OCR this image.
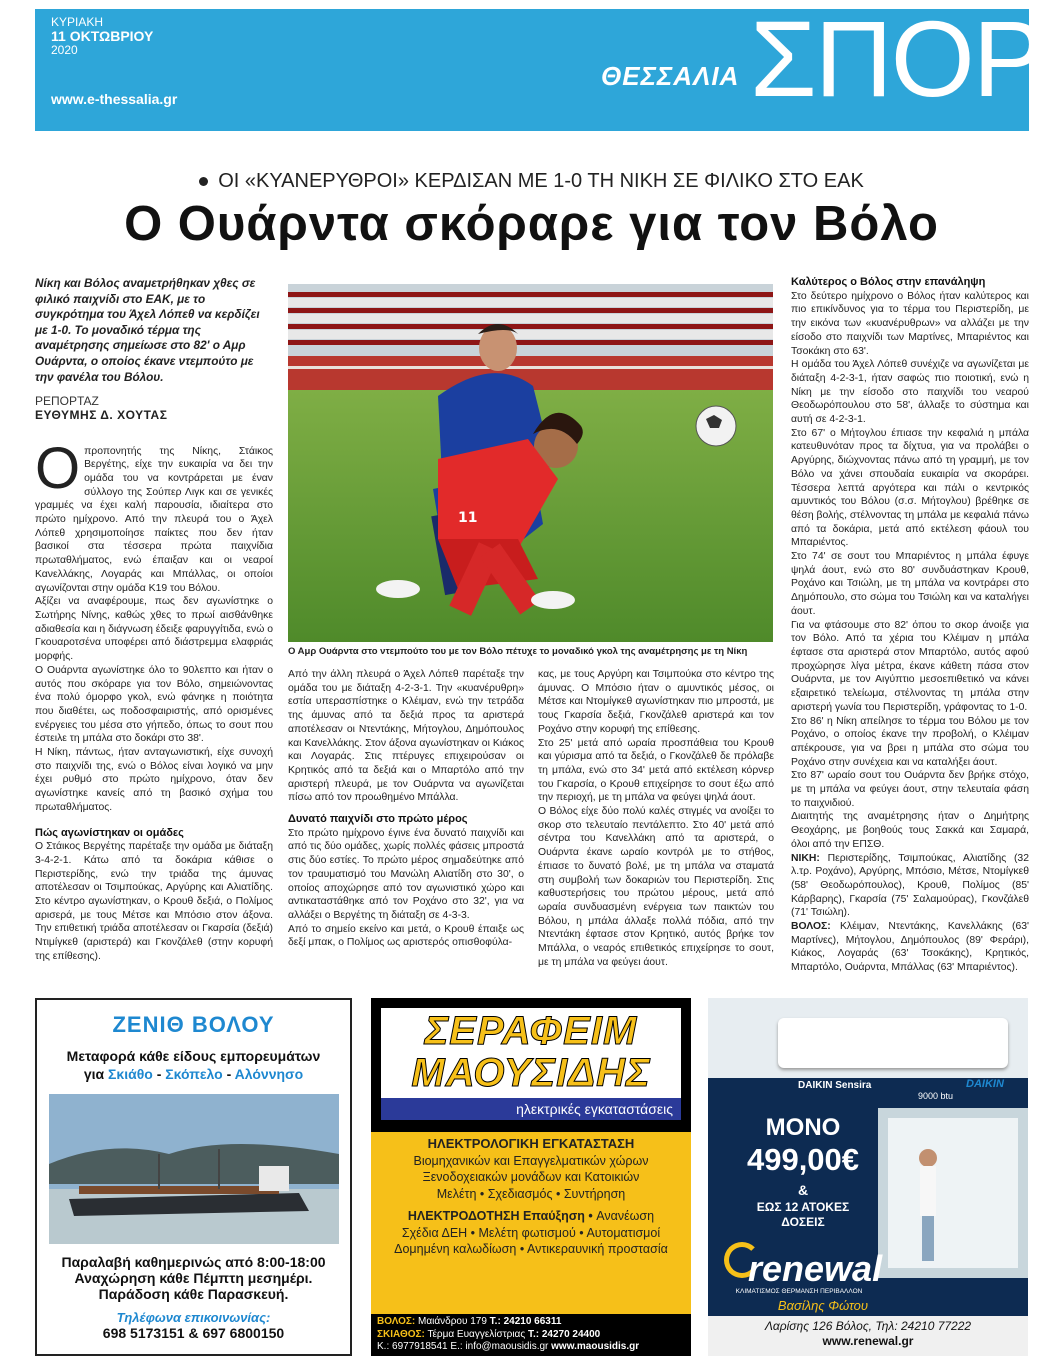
ΚΥΡΙΑΚΗ
11 ΟΚΤΩΒΡΙΟΥ
2020
www.e-thessalia.gr
ΘΕΣΣΑΛΙΑ ΣΠΟΡ
ΟΙ «ΚΥΑΝΕΡΥΘΡΟΙ» ΚΕΡΔΙΣΑΝ ΜΕ 1-0 ΤΗ ΝΙΚΗ ΣΕ ΦΙΛΙΚΟ ΣΤΟ ΕΑΚ
Ο Ουάρντα σκόραρε για τον Βόλο

Νίκη και Βόλος αναμετρήθηκαν χθες σε φιλικό παιχνίδι στο ΕΑΚ, με το συγκρότημα του Άχελ Λόπεθ να κερδίζει με 1-0. Το μοναδικό τέρμα της αναμέτρησης σημείωσε στο 82' ο Αμρ Ουάρντα, ο οποίος έκανε ντεμπούτο με την φανέλα του Βόλου.

ΡΕΠΟΡΤΑΖ
ΕΥΘΥΜΗΣ Δ. ΧΟΥΤΑΣ

Οπροπονητής της Νίκης, Στάικος Βεργέτης, είχε την ευκαιρία να δει την ομάδα του να κοντράρεται με έναν σύλλογο της Σούπερ Λιγκ και σε γενικές γραμμές να έχει καλή παρουσία, ιδιαίτερα στο πρώτο ημίχρονο. Από την πλευρά του ο Άχελ Λόπεθ χρησιμοποίησε παίκτες που δεν ήταν βασικοί στα τέσσερα πρώτα παιχνίδια πρωταθλήματος, ενώ έπαιξαν και οι νεαροί Κανελλάκης, Λογαράς και Μπάλλας, οι οποίοι αγωνίζονται στην ομάδα Κ19 του Βόλου.

Αξίζει να αναφέρουμε, πως δεν αγωνίστηκε ο Σωτήρης Νίνης, καθώς χθες το πρωί αισθάνθηκε αδιαθεσία και η διάγνωση έδειξε φαρυγγίτιδα, ενώ ο Γκουαροτσένα υποφέρει από διάστρεμμα ελαφριάς μορφής.

Ο Ουάρντα αγωνίστηκε όλο το 90λεπτο και ήταν ο αυτός που σκόραρε για τον Βόλο, σημειώνοντας ένα πολύ όμορφο γκολ, ενώ φάνηκε η ποιότητα που διαθέτει, ως ποδοσφαιριστής, από ορισμένες ενέργειες του μέσα στο γήπεδο, όπως το σουτ που έστειλε τη μπάλα στο δοκάρι στο 38'.

Η Νίκη, πάντως, ήταν ανταγωνιστική, είχε συνοχή στο παιχνίδι της, ενώ ο Βόλος είναι λογικό να μην έχει ρυθμό στο πρώτο ημίχρονο, όταν δεν αγωνίστηκε κανείς από τη βασικό σχήμα του πρωταθλήματος.

Πώς αγωνίστηκαν οι ομάδες

Ο Στάικος Βεργέτης παρέταξε την ομάδα με διάταξη 3-4-2-1. Κάτω από τα δοκάρια κάθισε ο Περιστερίδης, ενώ την τριάδα της άμυνας αποτέλεσαν οι Τσιμπούκας, Αργύρης και Αλιατίδης. Στο κέντρο αγωνίστηκαν, ο Κρουθ δεξιά, ο Πολίμος αρισερά, με τους Μέτσε και Μπόσιο στον άξονα. Την επιθετική τριάδα αποτέλεσαν οι Γκαρσία (δεξιά) Ντιμίγκεθ (αριστερά) και Γκονζάλεθ (στην κορυφή της επίθεσης).

11
Ο Αμρ Ουάρντα στο ντεμπούτο του με τον Βόλο πέτυχε το μοναδικό γκολ της αναμέτρησης με τη Νίκη

Από την άλλη πλευρά ο Άχελ Λόπεθ παρέταξε την ομάδα του με διάταξη 4-2-3-1. Την «κυανέρυθρη» εστία υπερασπίστηκε ο Κλέιμαν, ενώ την τετράδα της άμυνας από τα δεξιά προς τα αριστερά αποτέλεσαν οι Ντεντάκης, Μήτογλου, Δημόπουλος και Κανελλάκης. Στον άξονα αγωνίστηκαν οι Κιάκος και Λογαράς. Στις πτέρυγες επιχειρούσαν οι Κρητικός από τα δεξιά και ο Μπαρτόλο από την αριστερή πλευρά, με τον Ουάρντα να αγωνίζεται πίσω από τον προωθημένο Μπάλλα.

Δυνατό παιχνίδι στο πρώτο μέρος

Στο πρώτο ημίχρονο έγινε ένα δυνατό παιχνίδι και από τις δύο ομάδες, χωρίς πολλές φάσεις μπροστά στις δύο εστίες. Το πρώτο μέρος σημαδεύτηκε από τον τραυματισμό του Μανώλη Αλιατίδη στο 30', ο οποίος αποχώρησε από τον αγωνιστικό χώρο και αντικαταστάθηκε από τον Ροχάνο στο 32', για να αλλάξει ο Βεργέτης τη διάταξη σε 4-3-3.

Από το σημείο εκείνο και μετά, ο Κρουθ έπαιξε ως δεξί μπακ, ο Πολίμος ως αριστερός οπισθοφύλα-

κας, με τους Αργύρη και Τσιμπούκα στο κέντρο της άμυνας. Ο Μπόσιο ήταν ο αμυντικός μέσος, οι Μέτσε και Ντομίγκεθ αγωνίστηκαν πιο μπροστά, με τους Γκαρσία δεξιά, Γκονζάλεθ αριστερά και τον Ροχάνο στην κορυφή της επίθεσης.

Στο 25' μετά από ωραία προσπάθεια του Κρουθ και γύρισμα από τα δεξιά, ο Γκονζάλεθ δε πρόλαβε τη μπάλα, ενώ στο 34' μετά από εκτέλεση κόρνερ του Γκαρσία, ο Κρουθ επιχείρησε το σουτ έξω από την περιοχή, με τη μπάλα να φεύγει ψηλά άουτ.

Ο Βόλος είχε δύο πολύ καλές στιγμές να ανοίξει το σκορ στο τελευταίο πεντάλεπτο. Στο 40' μετά από σέντρα του Κανελλάκη από τα αριστερά, ο Ουάρντα έκανε ωραίο κοντρόλ με το στήθος, έπιασε το δυνατό βολέ, με τη μπάλα να σταματά στη συμβολή των δοκαριών του Περιστερίδη. Στις καθυστερήσεις του πρώτου μέρους, μετά από ωραία συνδυασμένη ενέργεια των παικτών του Βόλου, η μπάλα άλλαξε πολλά πόδια, από την Ντεντάκη έφτασε στον Κρητικό, αυτός βρήκε τον Μπάλλα, ο νεαρός επιθετικός επιχείρησε το σουτ, με τη μπάλα να φεύγει άουτ.

Καλύτερος ο Βόλος στην επανάληψη

Στο δεύτερο ημίχρονο ο Βόλος ήταν καλύτερος και πιο επικίνδυνος για το τέρμα του Περιστερίδη, με την εικόνα των «κυανέρυθρων» να αλλάζει με την είσοδο στο παιχνίδι των Μαρτίνες, Μπαριέντος και Τσοκάκη στο 63'.

Η ομάδα του Άχελ Λόπεθ συνέχιζε να αγωνίζεται με διάταξη 4-2-3-1, ήταν σαφώς πιο ποιοτική, ενώ η Νίκη με την είσοδο στο παιχνίδι του νεαρού Θεοδωρόπουλου στο 58', άλλαξε το σύστημα και αυτή σε 4-2-3-1.

Στο 67' ο Μήτογλου έπιασε την κεφαλιά η μπάλα κατευθυνόταν προς τα δίχτυα, για να προλάβει ο Αργύρης, διώχνοντας πάνω από τη γραμμή, με τον Βόλο να χάνει σπουδαία ευκαιρία να σκοράρει. Τέσσερα λεπτά αργότερα και πάλι ο κεντρικός αμυντικός του Βόλου (σ.σ. Μήτογλου) βρέθηκε σε θέση βολής, στέλνοντας τη μπάλα με κεφαλιά πάνω από τα δοκάρια, μετά από εκτέλεση φάουλ του Μπαριέντος.

Στο 74' σε σουτ του Μπαριέντος η μπάλα έφυγε ψηλά άουτ, ενώ στο 80' συνδυάστηκαν Κρουθ, Ροχάνο και Τσιώλη, με τη μπάλα να κοντράρει στο Δημόπουλο, στο σώμα του Τσιώλη και να καταλήγει άουτ.

Για να φτάσουμε στο 82' όπου το σκορ άνοιξε για τον Βόλο. Από τα χέρια του Κλέιμαν η μπάλα έφτασε στα αριστερά στον Μπαρτόλο, αυτός αφού προχώρησε λίγα μέτρα, έκανε κάθετη πάσα στον Ουάρντα, με τον Αιγύπτιο μεσοεπιθετικό να κάνει εξαιρετικό τελείωμα, στέλνοντας τη μπάλα στην αριστερή γωνία του Περιστερίδη, γράφοντας το 1-0.

Στο 86' η Νίκη απείλησε το τέρμα του Βόλου με τον Ροχάνο, ο οποίος έκανε την προβολή, ο Κλέιμαν απέκρουσε, για να βρει η μπάλα στο σώμα του Ροχάνο στην συνέχεια και να καταλήξει άουτ.

Στο 87' ωραίο σουτ του Ουάρντα δεν βρήκε στόχο, με τη μπάλα να φεύγει άουτ, στην τελευταία φάση το παιχνιδιού.

Διαιτητής της αναμέτρησης ήταν ο Δημήτρης Θεοχάρης, με βοηθούς τους Σακκά και Σαμαρά, όλοι από την ΕΠΣΘ.

ΝΙΚΗ: Περιστερίδης, Τσιμπούκας, Αλιατίδης (32 λ.τρ. Ροχάνο), Αργύρης, Μπόσιο, Μέτσε, Ντομίγκεθ (58' Θεοδωρόπουλος), Κρουθ, Πολίμος (85' Κάρβαρης), Γκαρσία (75' Σαλαμούρας), Γκονζάλεθ (71' Τσιώλη).

ΒΟΛΟΣ: Κλέιμαν, Ντεντάκης, Κανελλάκης (63' Μαρτίνες), Μήτογλου, Δημόπουλος (89' Φεράρι), Κιάκος, Λογαράς (63' Τσοκάκης), Κρητικός, Μπαρτόλο, Ουάρντα, Μπάλλας (63' Μπαριέντος).

ΖΕΝΙΘ ΒΟΛΟΥ
Μεταφορά κάθε είδους εμπορευμάτων
για Σκιάθο - Σκόπελο - Αλόννησο
Παραλαβή καθημερινώς από 8:00-18:00
Αναχώρηση κάθε Πέμπτη μεσημέρι.
Παράδοση κάθε Παρασκευή.
Τηλέφωνα επικοινωνίας:
698 5173151 & 697 6800150
ΣΕΡΑΦΕΙΜ
ΜΑΟΥΣΙΔΗΣ
ηλεκτρικές εγκαταστάσεις
ΗΛΕΚΤΡΟΛΟΓΙΚΗ ΕΓΚΑΤΑΣΤΑΣΗ
Βιομηχανικών και Επαγγελματικών χώρων
Ξενοδοχειακών μονάδων και Κατοικιών
Μελέτη • Σχεδιασμός • Συντήρηση
ΗΛΕΚΤΡΟΔΟΤΗΣΗ Επαύξηση • Ανανέωση
Σχέδια ΔΕΗ • Μελέτη φωτισμού • Αυτοματισμοί
Δομημένη καλωδίωση • Αντικεραυνική προστασία
ΒΟΛΟΣ: Μαιάνδρου 179 Τ.: 24210 66311
ΣΚΙΑΘΟΣ: Τέρμα Ευαγγελίστριας Τ.: 24270 24400
Κ.: 6977918541 E.: info@maousidis.gr www.maousidis.gr
DAIKIN Sensira
9000 btu
DAIKIN
ΜΟΝΟ
499,00€
&
ΕΩΣ 12 ΑΤΟΚΕΣ
ΔΟΣΕΙΣ
renewal
ΚΛΙΜΑΤΙΣΜΟΣ ΘΕΡΜΑΝΣΗ ΠΕΡΙΒΑΛΛΟΝ
Βασίλης Φώτου
Λαρίσης 126 Βόλος, Τηλ: 24210 77222
www.renewal.gr
